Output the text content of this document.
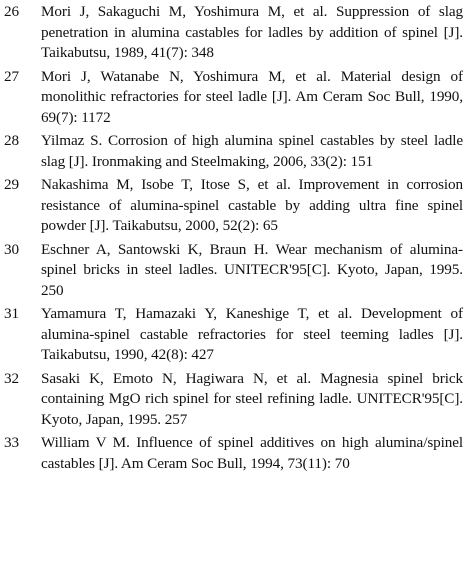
26	Mori J, Sakaguchi M, Yoshimura M, et al. Suppression of slag penetration in alumina castables for ladles by addition of spinel [J]. Taikabutsu, 1989, 41(7): 348
27	Mori J, Watanabe N, Yoshimura M, et al. Material design of monolithic refractories for steel ladle [J]. Am Ceram Soc Bull, 1990, 69(7): 1172
28	Yilmaz S. Corrosion of high alumina spinel castables by steel ladle slag [J]. Ironmaking and Steelmaking, 2006, 33(2): 151
29	Nakashima M, Isobe T, Itose S, et al. Improvement in corrosion resistance of alumina-spinel castable by adding ultra fine spinel powder [J]. Taikabutsu, 2000, 52(2): 65
30	Eschner A, Santowski K, Braun H. Wear mechanism of alumina-spinel bricks in steel ladles. UNITECR'95[C]. Kyoto, Japan, 1995. 250
31	Yamamura T, Hamazaki Y, Kaneshige T, et al. Development of alumina-spinel castable refractories for steel teeming ladles [J]. Taikabutsu, 1990, 42(8): 427
32	Sasaki K, Emoto N, Hagiwara N, et al. Magnesia spinel brick containing MgO rich spinel for steel refining ladle. UNITECR'95[C]. Kyoto, Japan, 1995. 257
33	William V M. Influence of spinel additives on high alumina/spinel castables [J]. Am Ceram Soc Bull, 1994, 73(11): 70
